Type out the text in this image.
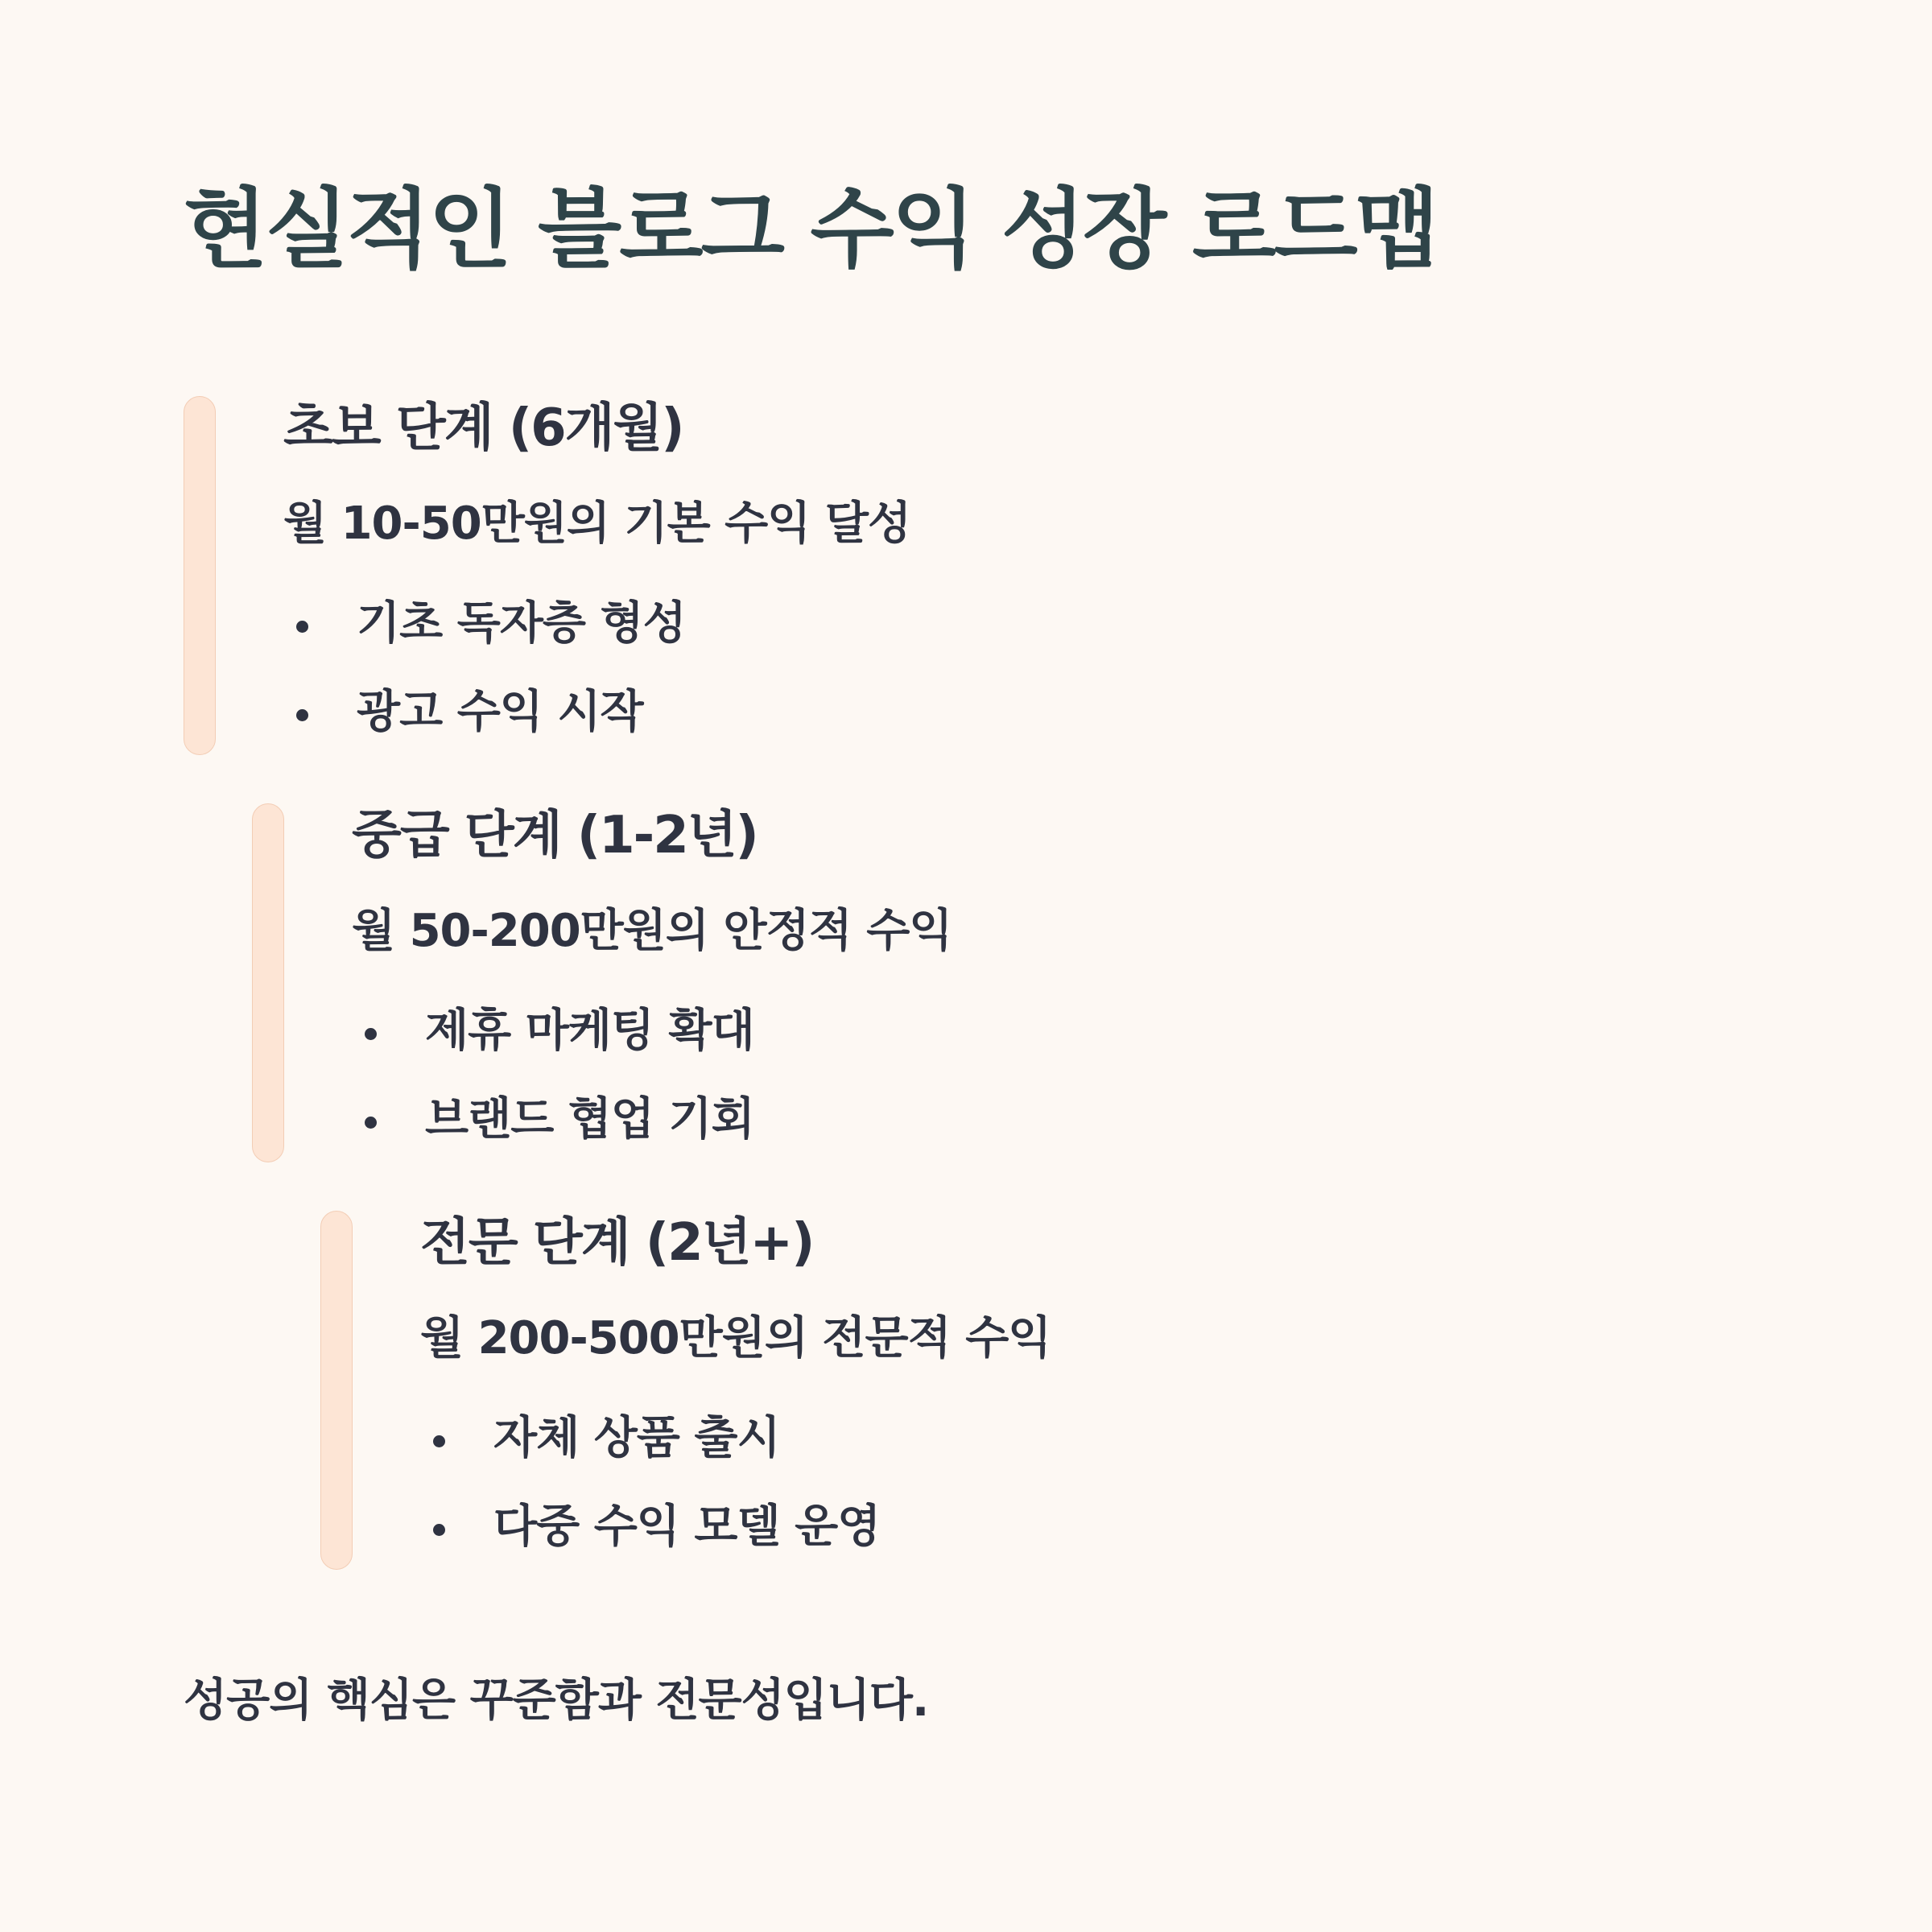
현실적인 블로그 수익 성장 로드맵
초보 단계 (6개월)

월 10-50만원의 기본 수익 달성

기초 독자층 형성
광고 수익 시작
중급 단계 (1-2년)

월 50-200만원의 안정적 수익

제휴 마케팅 확대
브랜드 협업 기회
전문 단계 (2년+)

월 200-500만원의 전문적 수익

자체 상품 출시
다중 수익 모델 운영

성공의 핵심은 꾸준함과 전문성입니다.
